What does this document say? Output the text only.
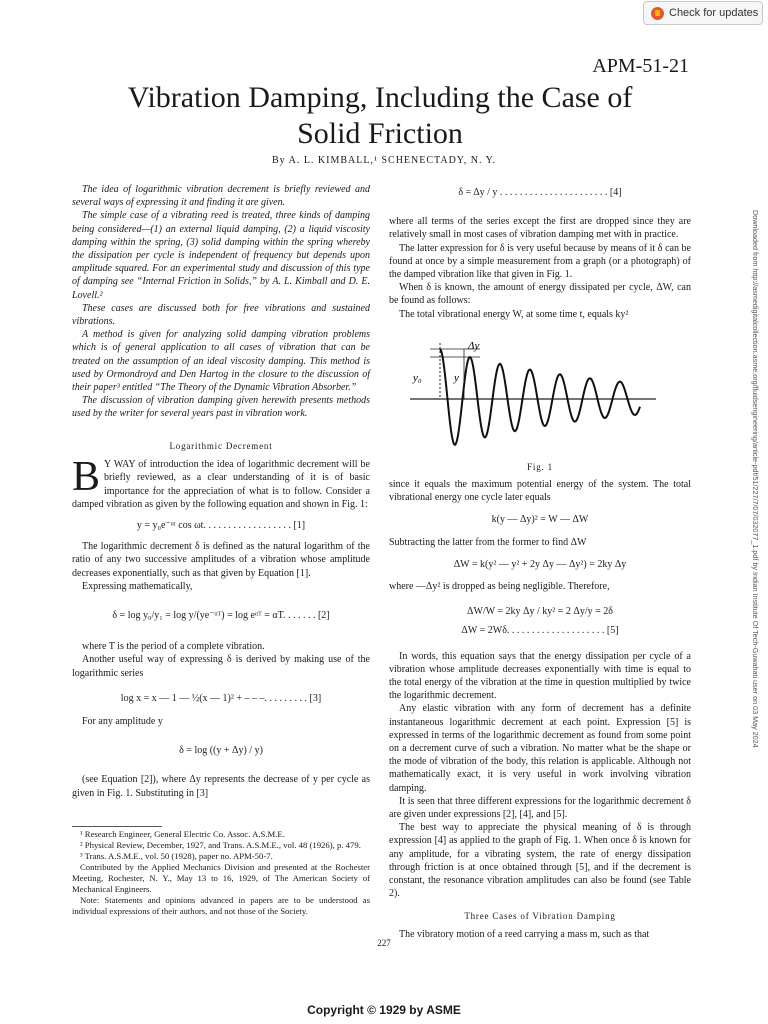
Check for updates
APM-51-21
Vibration Damping, Including the Case of
Solid Friction
By A. L. KIMBALL,¹ SCHENECTADY, N. Y.

The idea of logarithmic vibration decrement is briefly reviewed and several ways of expressing it and finding it are given.

The simple case of a vibrating reed is treated, three kinds of damping being considered—(1) an external liquid damping, (2) a liquid viscosity damping within the spring, (3) solid damping within the spring whereby the dissipation per cycle is independent of frequency but depends upon amplitude squared. For an experimental study and discussion of this type of damping see “Internal Friction in Solids,” by A. L. Kimball and D. E. Lovell.²

These cases are discussed both for free vibrations and sustained vibrations.

A method is given for analyzing solid damping vibration problems which is of general application to all cases of vibration that can be treated on the assumption of an ideal viscosity damping. This method is used by Ormondroyd and Den Hartog in the closure to the discussion of their paper³ entitled “The Theory of the Dynamic Vibration Absorber.”

The discussion of vibration damping given herewith presents methods used by the writer for several years past in vibration work.

Logarithmic Decrement
B Y WAY of introduction the idea of logarithmic decrement will be briefly reviewed, as a clear understanding of it is of basic importance for the appreciation of what is to follow. Consider a damped vibration as given by the following equation and shown in Fig. 1:
y = y₀e⁻ᵅᵗ cos ωt. . . . . . . . . . . . . . . . . . [1]

The logarithmic decrement δ is defined as the natural logarithm of the ratio of any two successive amplitudes of a vibration whose amplitude decreases exponentially, such as that given by Equation [1].

Expressing mathematically,

δ = log y₀/y₁ = log y/(ye⁻ᵅᵀ) = log eᵅᵀ = αT. . . . . . . [2]

where T is the period of a complete vibration.

Another useful way of expressing δ is derived by making use of the logarithmic series

log x = x — 1 — ½(x — 1)² + – – –. . . . . . . . . [3]

For any amplitude y

δ = log ((y + Δy) / y)

(see Equation [2]), where Δy represents the decrease of y per cycle as given in Fig. 1. Substituting in [3]

¹ Research Engineer, General Electric Co. Assoc. A.S.M.E.

² Physical Review, December, 1927, and Trans. A.S.M.E., vol. 48 (1926), p. 479.

³ Trans. A.S.M.E., vol. 50 (1928), paper no. APM-50-7.

Contributed by the Applied Mechanics Division and presented at the Rochester Meeting, Rochester, N. Y., May 13 to 16, 1929, of The American Society of Mechanical Engineers.

Note: Statements and opinions advanced in papers are to be understood as individual expressions of their authors, and not those of the Society.

δ = Δy / y . . . . . . . . . . . . . . . . . . . . . . [4]

where all terms of the series except the first are dropped since they are relatively small in most cases of vibration damping met with in practice.

The latter expression for δ is very useful because by means of it δ can be found at once by a simple measurement from a graph (or a photograph) of the damped vibration like that given in Fig. 1.

When δ is known, the amount of energy dissipated per cycle, ΔW, can be found as follows:

The total vibrational energy W, at some time t, equals ky²

Δy
y₀	y
Fig. 1

since it equals the maximum potential energy of the system. The total vibrational energy one cycle later equals

k(y — Δy)² = W — ΔW

Subtracting the latter from the former to find ΔW

ΔW = k(y² — y² + 2y Δy — Δy²) = 2ky Δy

where —Δy² is dropped as being negligible. Therefore,

ΔW/W = 2ky Δy / ky² = 2 Δy/y = 2δ
ΔW = 2Wδ. . . . . . . . . . . . . . . . . . . . [5]

In words, this equation says that the energy dissipation per cycle of a vibration whose amplitude decreases exponentially with time is equal to the total energy of the vibration at the time in question multiplied by twice the logarithmic decrement.

Any elastic vibration with any form of decrement has a definite instantaneous logarithmic decrement at each point. Expression [5] is expressed in terms of the logarithmic decrement as found from some point on a decrement curve of such a vibration. No matter what be the shape or the mode of vibration of the body, this relation is applicable. Although not mathematically exact, it is very useful in work involving vibration damping.

It is seen that three different expressions for the logarithmic decrement δ are given under expressions [2], [4], and [5].

The best way to appreciate the physical meaning of δ is through expression [4] as applied to the graph of Fig. 1. When once δ is known for any amplitude, for a vibrating system, the rate of energy dissipation through friction is at once obtained through [5], and if the decrement is constant, the resonance vibration amplitudes can also be found (see Table 2).

Three Cases of Vibration Damping

The vibratory motion of a reed carrying a mass m, such as that

227
Downloaded from http://asmedigitalcollection.asme.org/fluidsengineering/article-pdf/51/227/7/07/032077_1.pdf by Indian Institute Of Tech-Guwahati user on 03 May 2024
Copyright © 1929 by ASME
